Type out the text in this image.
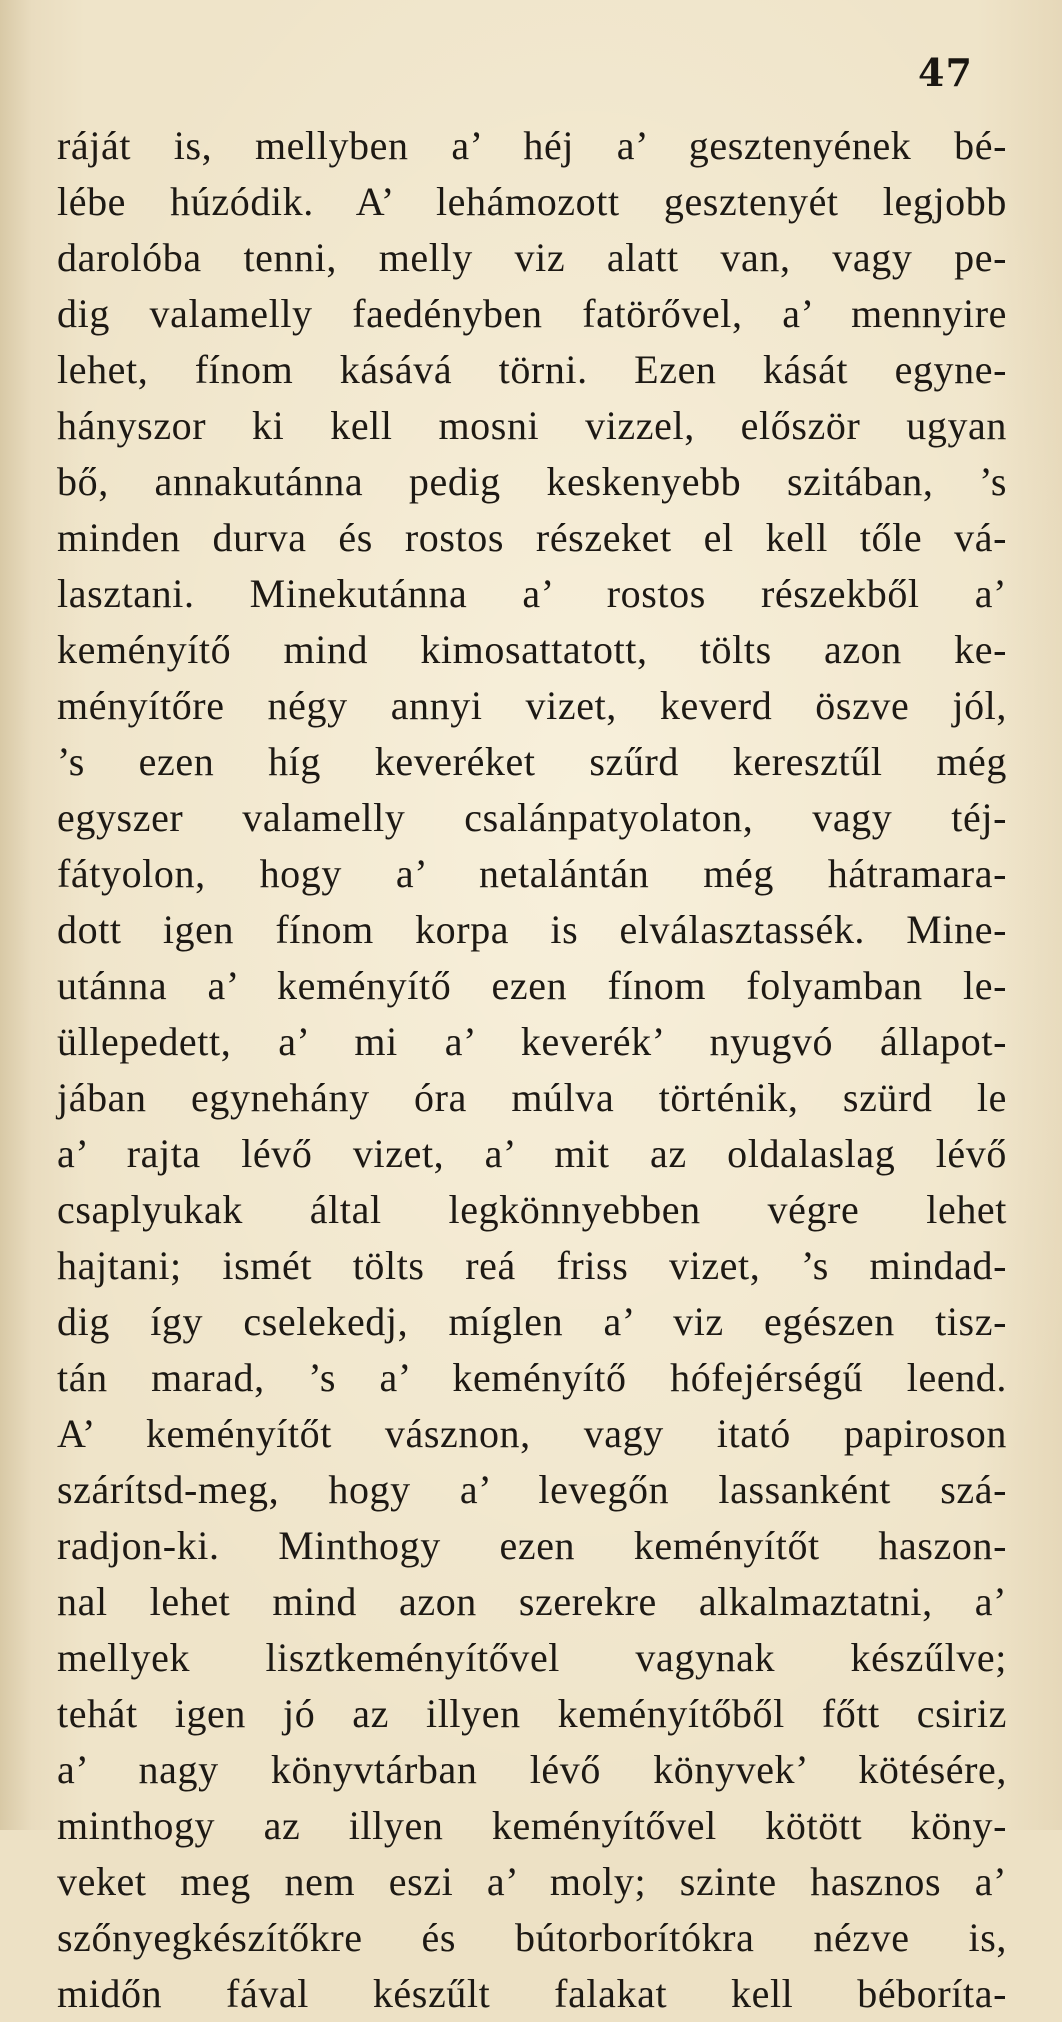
47
ráját is, mellyben a’ héj a’ gesztenyének bé-
lébe húzódik. A’ lehámozott gesztenyét legjobb
darolóba tenni, melly viz alatt van, vagy pe-
dig valamelly faedényben fatörővel, a’ mennyire
lehet, fínom kásává törni. Ezen kását egyne-
hányszor ki kell mosni vizzel, először ugyan
bő, annakutánna pedig keskenyebb szitában, ’s
minden durva és rostos részeket el kell tőle vá-
lasztani. Minekutánna a’ rostos részekből a’
keményítő mind kimosattatott, tölts azon ke-
ményítőre négy annyi vizet, keverd öszve jól,
’s ezen híg keveréket szűrd keresztűl még
egyszer valamelly csalánpatyolaton, vagy téj-
fátyolon, hogy a’ netalántán még hátramara-
dott igen fínom korpa is elválasztassék. Mine-
utánna a’ keményítő ezen fínom folyamban le-
üllepedett, a’ mi a’ keverék’ nyugvó állapot-
jában egynehány óra múlva történik, szürd le
a’ rajta lévő vizet, a’ mit az oldalaslag lévő
csaplyukak által legkönnyebben végre lehet
hajtani; ismét tölts reá friss vizet, ’s mindad-
dig így cselekedj, míglen a’ viz egészen tisz-
tán marad, ’s a’ keményítő hófejérségű leend.
A’ keményítőt vásznon, vagy itató papiroson
szárítsd-meg, hogy a’ levegőn lassanként szá-
radjon-ki. Minthogy ezen keményítőt haszon-
nal lehet mind azon szerekre alkalmaztatni, a’
mellyek lisztkeményítővel vagynak készűlve;
tehát igen jó az illyen keményítőből főtt csiriz
a’ nagy könyvtárban lévő könyvek’ kötésére,
minthogy az illyen keményítővel kötött köny-
veket meg nem eszi a’ moly; szinte hasznos a’
szőnyegkészítőkre és bútorborítókra nézve is,
midőn fával készűlt falakat kell béboríta-
